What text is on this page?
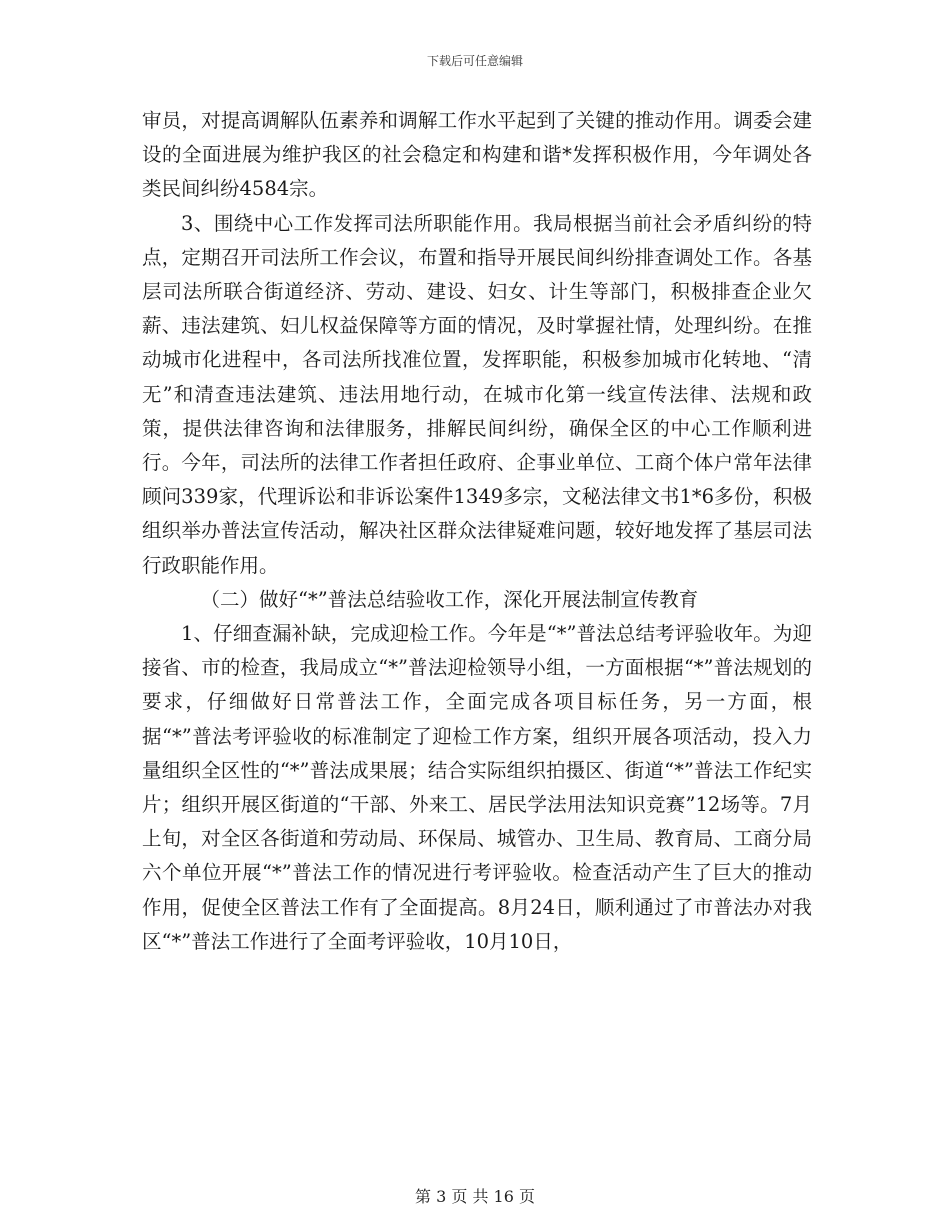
下载后可任意编辑

审员，对提高调解队伍素养和调解工作水平起到了关键的推动作用。调委会建设的全面进展为维护我区的社会稳定和构建和谐*发挥积极作用，今年调处各类民间纠纷4584宗。

3、围绕中心工作发挥司法所职能作用。我局根据当前社会矛盾纠纷的特点，定期召开司法所工作会议，布置和指导开展民间纠纷排查调处工作。各基层司法所联合街道经济、劳动、建设、妇女、计生等部门，积极排查企业欠薪、违法建筑、妇儿权益保障等方面的情况，及时掌握社情，处理纠纷。在推动城市化进程中，各司法所找准位置，发挥职能，积极参加城市化转地、“清无”和清查违法建筑、违法用地行动，在城市化第一线宣传法律、法规和政策，提供法律咨询和法律服务，排解民间纠纷，确保全区的中心工作顺利进行。今年，司法所的法律工作者担任政府、企事业单位、工商个体户常年法律顾问339家，代理诉讼和非诉讼案件1349多宗，文秘法律文书1*6多份，积极组织举办普法宣传活动，解决社区群众法律疑难问题，较好地发挥了基层司法行政职能作用。

（二）做好“*”普法总结验收工作，深化开展法制宣传教育

1、仔细查漏补缺，完成迎检工作。今年是“*”普法总结考评验收年。为迎接省、市的检查，我局成立“*”普法迎检领导小组，一方面根据“*”普法规划的要求，仔细做好日常普法工作，全面完成各项目标任务，另一方面，根据“*”普法考评验收的标准制定了迎检工作方案，组织开展各项活动，投入力量组织全区性的“*”普法成果展；结合实际组织拍摄区、街道“*”普法工作纪实片；组织开展区街道的“干部、外来工、居民学法用法知识竞赛”12场等。7月上旬，对全区各街道和劳动局、环保局、城管办、卫生局、教育局、工商分局六个单位开展“*”普法工作的情况进行考评验收。检查活动产生了巨大的推动作用，促使全区普法工作有了全面提高。8月24日，顺利通过了市普法办对我区“*”普法工作进行了全面考评验收，10月10日，

第 3 页 共 16 页
